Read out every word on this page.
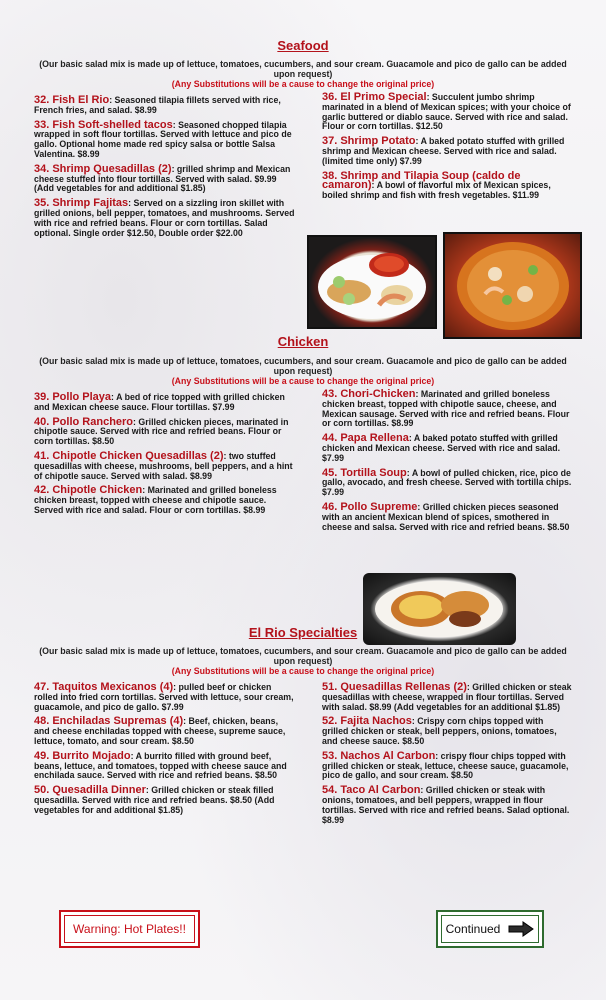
Seafood
(Our basic salad mix is made up of lettuce, tomatoes, cucumbers, and sour cream. Guacamole and pico de gallo can be added upon request)
(Any Substitutions will be a cause to change the original price)
32. Fish El Rio: Seasoned tilapia fillets served with rice, French fries, and salad. $8.99
33. Fish Soft-shelled tacos: Seasoned chopped tilapia wrapped in soft flour tortillas. Served with lettuce and pico de gallo. Optional home made red spicy salsa or bottle Salsa Valentina. $8.99
34. Shrimp Quesadillas (2): grilled shrimp and Mexican cheese stuffed into flour tortillas. Served with salad. $9.99 (Add vegetables for and additional $1.85)
35. Shrimp Fajitas: Served on a sizzling iron skillet with grilled onions, bell pepper, tomatoes, and mushrooms. Served with rice and refried beans. Flour or corn tortillas. Salad optional. Single order $12.50, Double order $22.00
36. El Primo Special: Succulent jumbo shrimp marinated in a blend of Mexican spices; with your choice of garlic buttered or diablo sauce. Served with rice and salad. Flour or corn tortillas. $12.50
37. Shrimp Potato: A baked potato stuffed with grilled shrimp and Mexican cheese. Served with rice and salad. (limited time only) $7.99
38. Shrimp and Tilapia Soup (caldo de camaron): A bowl of flavorful mix of Mexican spices, boiled shrimp and fish with fresh vegetables. $11.99
Chicken
(Our basic salad mix is made up of lettuce, tomatoes, cucumbers, and sour cream. Guacamole and pico de gallo can be added upon request)
(Any Substitutions will be a cause to change the original price)
39. Pollo Playa: A bed of rice topped with grilled chicken and Mexican cheese sauce. Flour tortillas. $7.99
40. Pollo Ranchero: Grilled chicken pieces, marinated in chipotle sauce. Served with rice and refried beans. Flour or corn tortillas. $8.50
41. Chipotle Chicken Quesadillas (2): two stuffed quesadillas with cheese, mushrooms, bell peppers, and a hint of chipotle sauce. Served with salad. $8.99
42. Chipotle Chicken: Marinated and grilled boneless chicken breast, topped with cheese and chipotle sauce. Served with rice and salad. Flour or corn tortillas. $8.99
43. Chori-Chicken: Marinated and grilled boneless chicken breast, topped with chipotle sauce, cheese, and Mexican sausage. Served with rice and refried beans. Flour or corn tortillas. $8.99
44. Papa Rellena: A baked potato stuffed with grilled chicken and Mexican cheese. Served with rice and salad. $7.99
45. Tortilla Soup: A bowl of pulled chicken, rice, pico de gallo, avocado, and fresh cheese. Served with tortilla chips. $7.99
46. Pollo Supreme: Grilled chicken pieces seasoned with an ancient Mexican blend of spices, smothered in cheese and salsa. Served with rice and refried beans. $8.50
El Rio Specialties
(Our basic salad mix is made up of lettuce, tomatoes, cucumbers, and sour cream. Guacamole and pico de gallo can be added upon request)
(Any Substitutions will be a cause to change the original price)
47. Taquitos Mexicanos (4): pulled beef or chicken rolled into fried corn tortillas. Served with lettuce, sour cream, guacamole, and pico de gallo. $7.99
48. Enchiladas Supremas (4): Beef, chicken, beans, and cheese enchiladas topped with cheese, supreme sauce, lettuce, tomato, and sour cream. $8.50
49. Burrito Mojado: A burrito filled with ground beef, beans, lettuce, and tomatoes, topped with cheese sauce and enchilada sauce. Served with rice and refried beans. $8.50
50. Quesadilla Dinner: Grilled chicken or steak filled quesadilla. Served with rice and refried beans. $8.50 (Add vegetables for and additional $1.85)
51. Quesadillas Rellenas (2): Grilled chicken or steak quesadillas with cheese, wrapped in flour tortillas. Served with salad. $8.99 (Add vegetables for an additional $1.85)
52. Fajita Nachos: Crispy corn chips topped with grilled chicken or steak, bell peppers, onions, tomatoes, and cheese sauce. $8.50
53. Nachos Al Carbon: crispy flour chips topped with grilled chicken or steak, lettuce, cheese sauce, guacamole, pico de gallo, and sour cream. $8.50
54. Taco Al Carbon: Grilled chicken or steak with onions, tomatoes, and bell peppers, wrapped in flour tortillas. Served with rice and refried beans. Salad optional. $8.99
Warning: Hot Plates!!	Continued
